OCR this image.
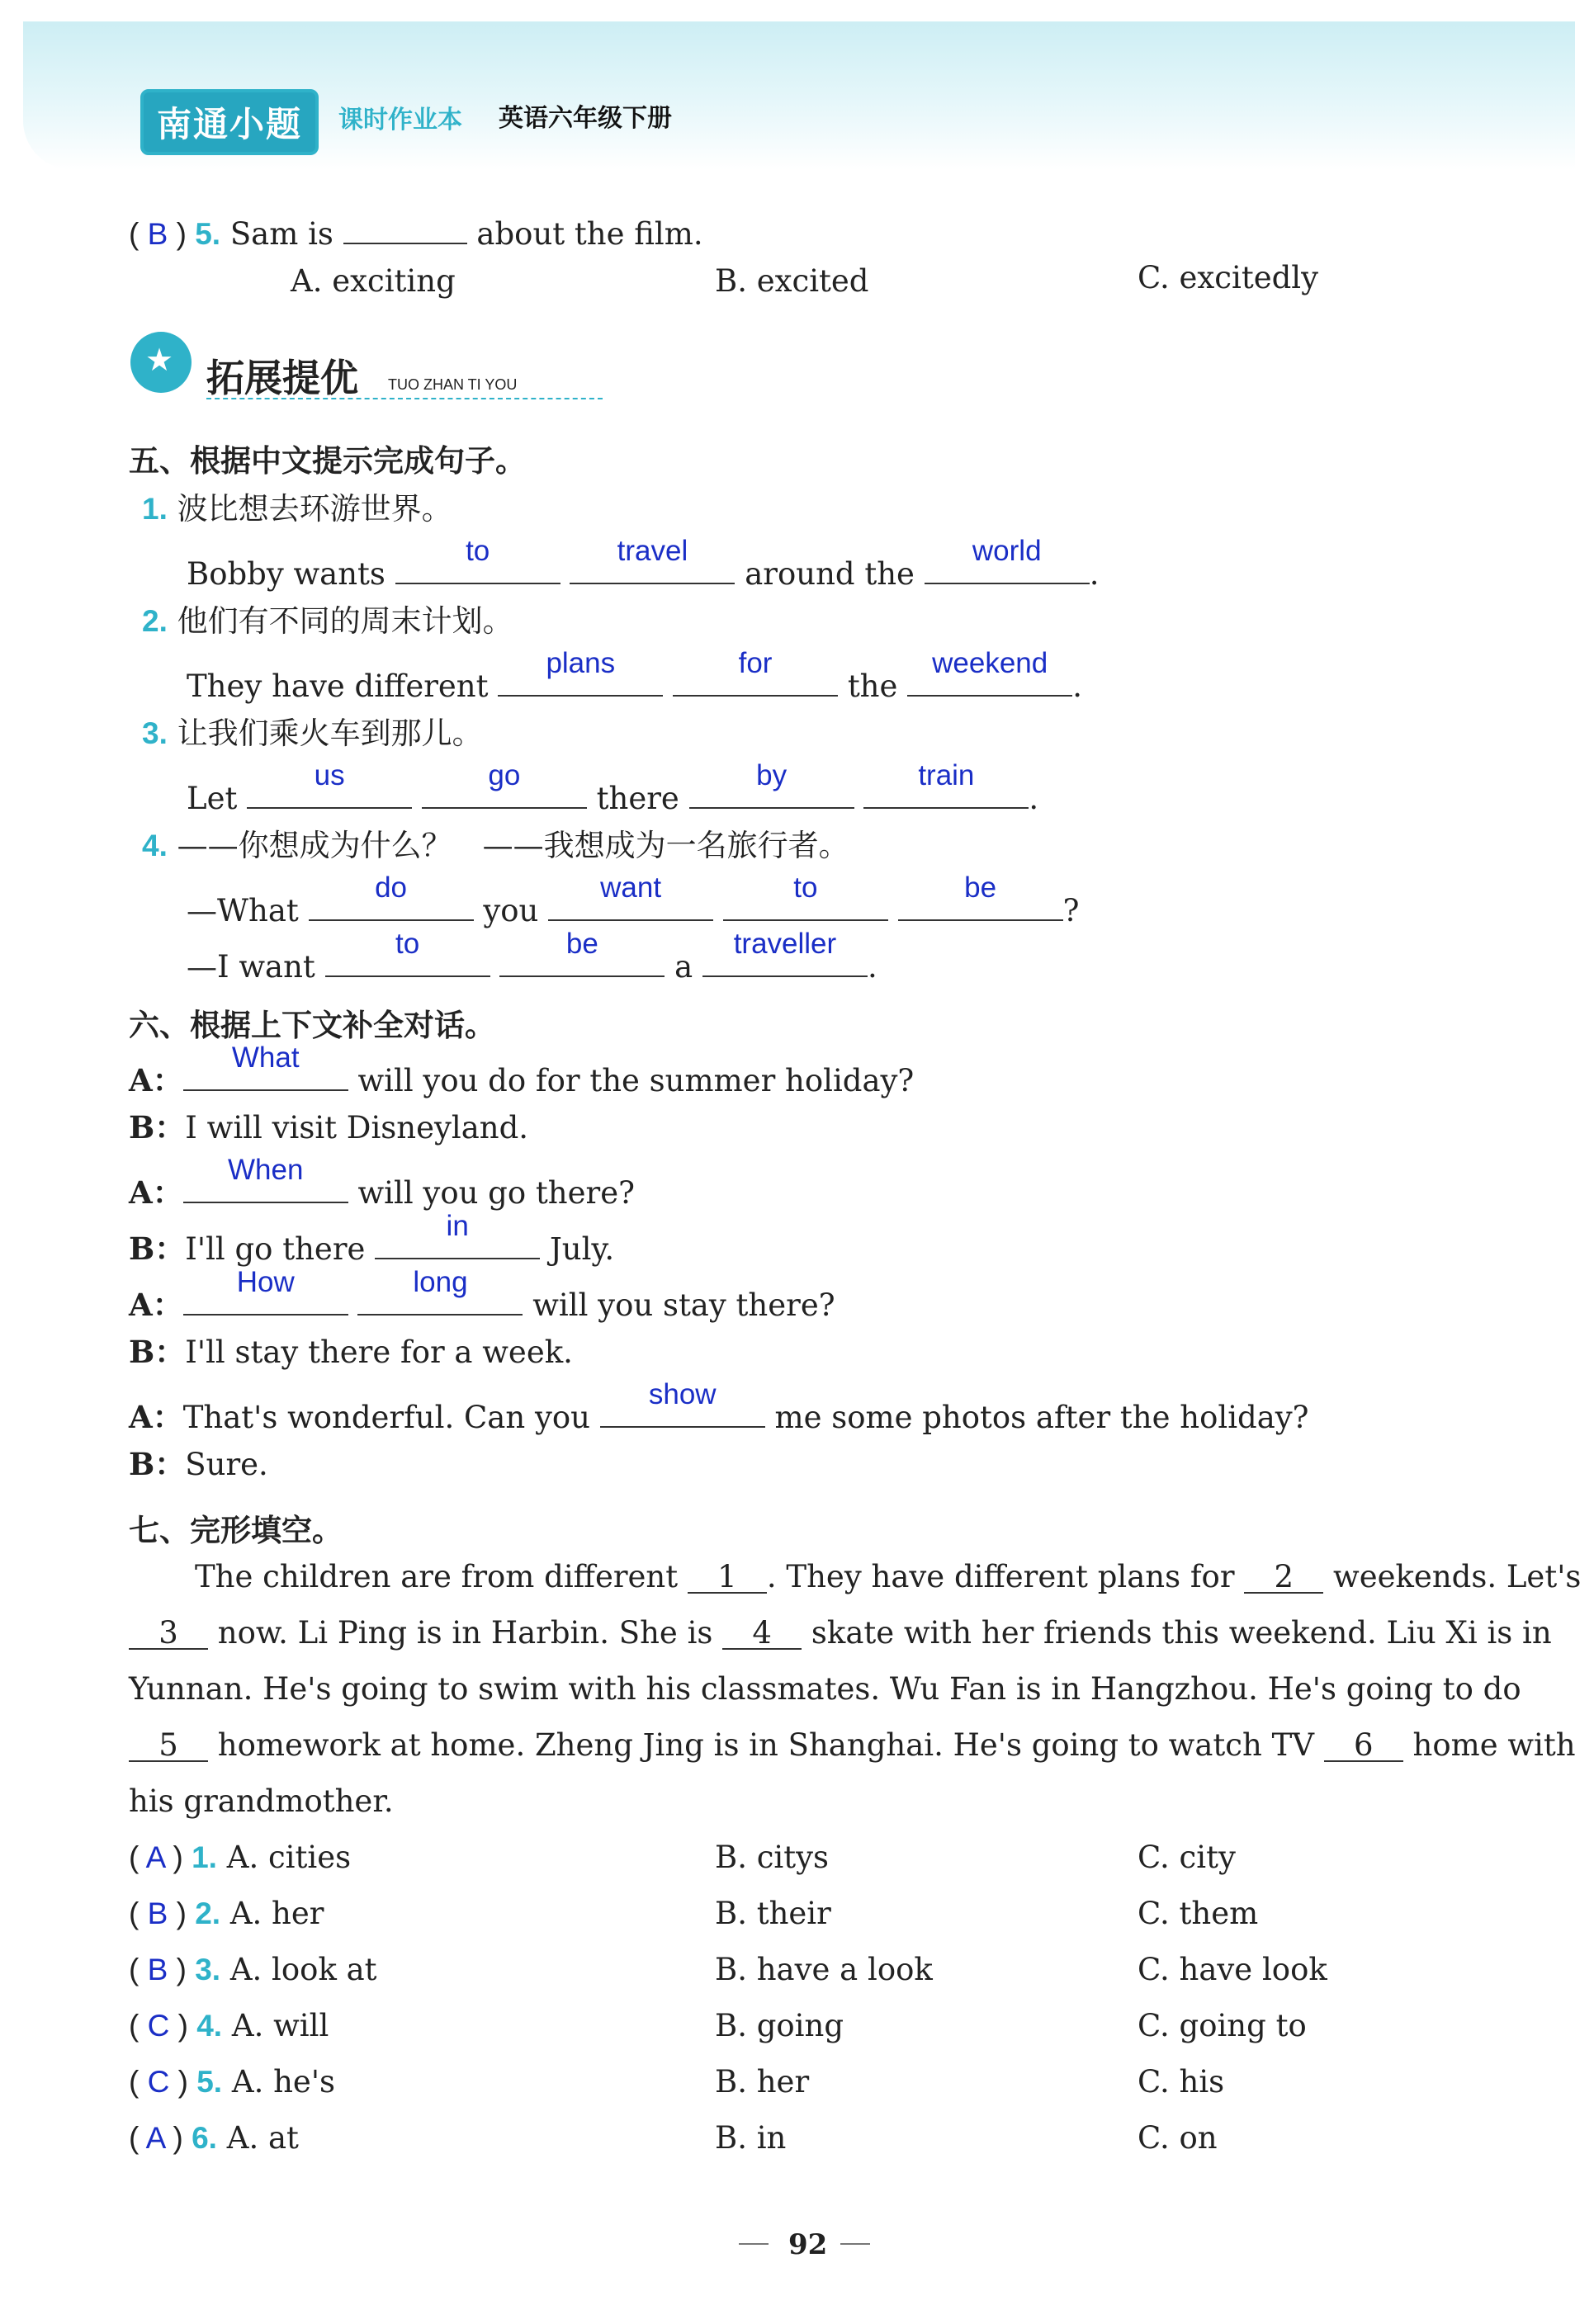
南通小题	课时作业本 英语六年级下册
( B ) 5. Sam is	about the film.
A. exciting	B. excited	C. excitedly
★
拓展提优 TUO ZHAN TI YOU
五、根据中文提示完成句子。
1. 波比想去环游世界。
Bobby wants
to
	travel
around the
world
.
2. 他们有不同的周末计划。
They have different
plans
	for
the
weekend
.
3. 让我们乘火车到那儿。
Let
us
	go
there
by
	train
.
4. ——你想成为什么？　——我想成为一名旅行者。
—What
do
you
want
	to
	be
?
—I want
to
	be
a
traveller
.
六、根据上下文补全对话。
A：
What
will you do for the summer holiday?
B：I will visit Disneyland.
A：
When
will you go there?
B：I'll go there
in
July.
A：
How
	long
will you stay there?
B：I'll stay there for a week.
A：That's wonderful. Can you
show
me some photos after the holiday?
B：Sure.
七、完形填空。
The children are from different 1 . They have different plans for 2 weekends. Let's
3 now. Li Ping is in Harbin. She is 4 skate with her friends this weekend. Liu Xi is in
Yunnan. He's going to swim with his classmates. Wu Fan is in Hangzhou. He's going to do
5 homework at home. Zheng Jing is in Shanghai. He's going to watch TV 6 home with
his grandmother.
( A ) 1. A. cities	B. citys	C. city
( B ) 2. A. her	B. their	C. them
( B ) 3. A. look at	B. have a look	C. have look
( C ) 4. A. will	B. going	C. going to
( C ) 5. A. he's	B. her	C. his
( A ) 6. A. at	B. in	C. on
92
